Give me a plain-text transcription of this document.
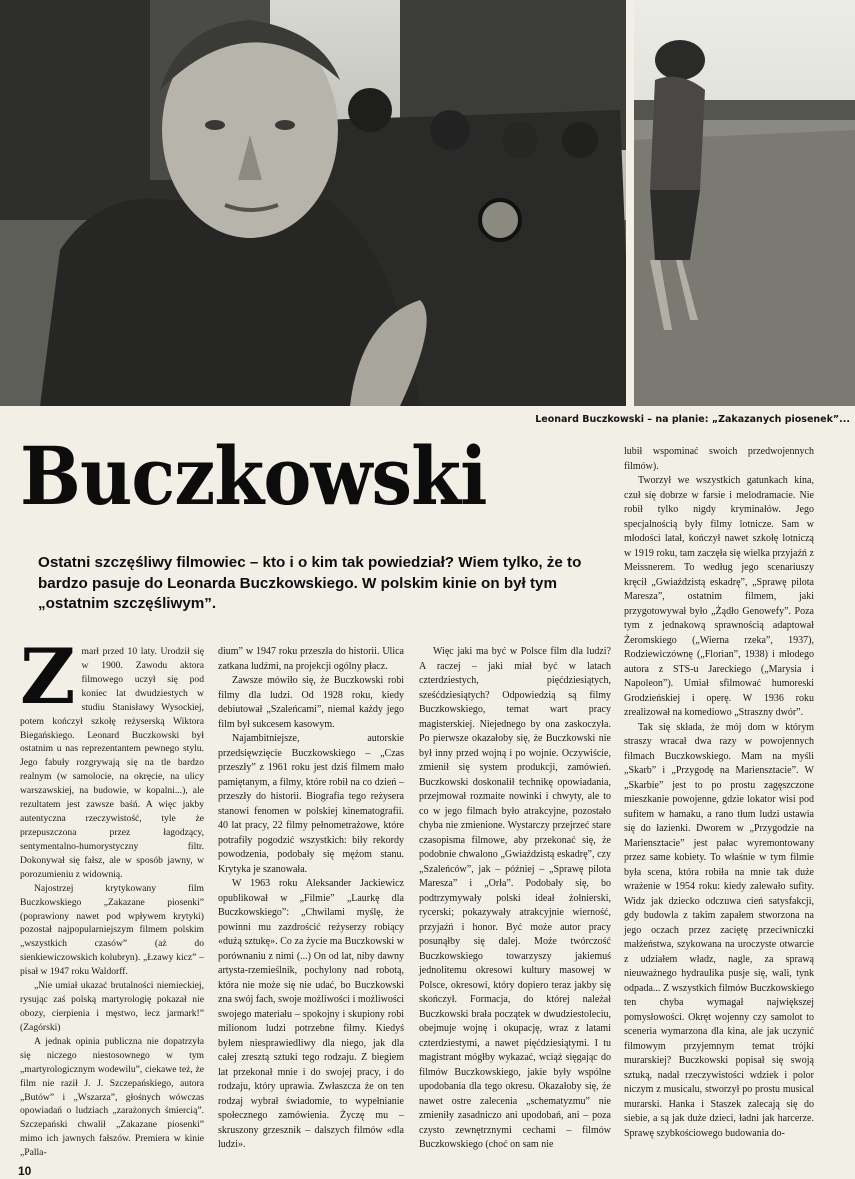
Leonard Buczkowski – na planie: „Zakazanych piosenek”...
Buczkowski

Ostatni szczęśliwy filmowiec – kto i o kim tak powiedział? Wiem tylko, że to bardzo pasuje do Leonarda Buczkowskiego. W polskim kinie on był tym „ostatnim szczęśliwym”.

Z marł przed 10 laty. Urodził się w 1900. Zawodu aktora filmowego uczył się pod koniec lat dwudziestych w studiu Stanisławy Wysockiej, potem kończył szkołę reżyserską Wiktora Biegańskiego. Leonard Buczkowski był ostatnim u nas reprezentantem pewnego stylu. Jego fabuły rozgrywają się na tle bardzo realnym (w samolocie, na okręcie, na ulicy warszawskiej, na budowie, w kopalni...), ale rezultatem jest zawsze baśń. A więc jakby autentyczna rzeczywistość, tyle że przepuszczona przez łagodzący, sentymentalno-humorystyczny filtr. Dokonywał się fałsz, ale w sposób jawny, w porozumieniu z widownią.

Najostrzej krytykowany film Buczkowskiego „Zakazane piosenki” (poprawiony nawet pod wpływem krytyki) pozostał najpopularniejszym filmem polskim „wszystkich czasów” (aż do sienkiewiczowskich kolubryn). „Łzawy kicz” – pisał w 1947 roku Waldorff.

„Nie umiał ukazać brutalności niemieckiej, rysując zaś polską martyrologię pokazał nie obozy, cierpienia i męstwo, lecz jarmark!” (Zagórski)

A jednak opinia publiczna nie dopatrzyła się niczego niestosownego w tym „martyrologicznym wodewilu”, ciekawe też, że film nie raził J. J. Szczepańskiego, autora „Butów” i „Wszarza”, głośnych wówczas opowiadań o ludziach „zarażonych śmiercią”. Szczepański chwalił „Zakazane piosenki” mimo ich jawnych fałszów. Premiera w kinie „Palla-

dium” w 1947 roku przeszła do historii. Ulica zatkana ludźmi, na projekcji ogólny płacz.

Zawsze mówiło się, że Buczkowski robi filmy dla ludzi. Od 1928 roku, kiedy debiutował „Szaleńcami”, niemal każdy jego film był sukcesem kasowym.

Najambitniejsze, autorskie przedsięwzięcie Buczkowskiego – „Czas przeszły” z 1961 roku jest dziś filmem mało pamiętanym, a filmy, które robił na co dzień – przeszły do historii. Biografia tego reżysera stanowi fenomen w polskiej kinematografii. 40 lat pracy, 22 filmy pełnometrażowe, które potrafiły pogodzić wszystkich: biły rekordy powodzenia, podobały się mężom stanu. Krytyka je szanowała.

W 1963 roku Aleksander Jackiewicz opublikował w „Filmie” „Laurkę dla Buczkowskiego”: „Chwilami myślę, że powinni mu zazdrościć reżyserzy robiący «dużą sztukę». Co za życie ma Buczkowski w porównaniu z nimi (...) On od lat, niby dawny artysta-rzemieślnik, pochylony nad robotą, która nie może się nie udać, bo Buczkowski zna swój fach, swoje możliwości i możliwości swojego materiału – spokojny i skupiony robi milionom ludzi potrzebne filmy. Kiedyś byłem niesprawiedliwy dla niego, jak dla całej zresztą sztuki tego rodzaju. Z biegiem lat przekonał mnie i do swojej pracy, i do rodzaju, który uprawia. Zwłaszcza że on ten rodzaj wybrał świadomie, to wypełnianie społecznego zamówienia. Życzę mu – skruszony grzesznik – dalszych filmów «dla ludzi».

Więc jaki ma być w Polsce film dla ludzi? A raczej – jaki miał być w latach czterdziestych, pięćdziesiątych, sześćdziesiątych? Odpowiedzią są filmy Buczkowskiego, temat wart pracy magisterskiej. Niejednego by ona zaskoczyła. Po pierwsze okazałoby się, że Buczkowski nie był inny przed wojną i po wojnie. Oczywiście, zmienił się system produkcji, zamówień. Buczkowski doskonalił technikę opowiadania, przejmował rozmaite nowinki i chwyty, ale to co w jego filmach było atrakcyjne, pozostało chyba nie zmienione. Wystarczy przejrzeć stare czasopisma filmowe, aby przekonać się, że podobnie chwalono „Gwiaździstą eskadrę”, czy „Szaleńców”, jak – później – „Sprawę pilota Maresza” i „Orła”. Podobały się, bo podtrzymywały polski ideał żołnierski, rycerski; pokazywały atrakcyjnie wierność, przyjaźń i honor. Być może autor pracy posunąłby się dalej. Może twórczość Buczkowskiego towarzyszy jakiemuś jednolitemu okresowi kultury masowej w Polsce, okresowi, który dopiero teraz jakby się skończył. Formacja, do której należał Buczkowski brała początek w dwudziestoleciu, obejmuje wojnę i okupację, wraz z latami czterdziestymi, a nawet pięćdziesiątymi. I tu magistrant mógłby wykazać, wciąż sięgając do filmów Buczkowskiego, jakie były wspólne upodobania dla tego okresu. Okazałoby się, że nawet ostre zalecenia „schematyzmu” nie zmieniły zasadniczo ani upodobań, ani – poza czysto zewnętrznymi cechami – filmów Buczkowskiego (choć on sam nie

lubił wspominać swoich przedwojennych filmów).

Tworzył we wszystkich gatunkach kina, czuł się dobrze w farsie i melodramacie. Nie robił tylko nigdy kryminałów. Jego specjalnością były filmy lotnicze. Sam w młodości latał, kończył nawet szkołę lotniczą w 1919 roku, tam zaczęła się wielka przyjaźń z Meissnerem. To według jego scenariuszy kręcił „Gwiaździstą eskadrę”, „Sprawę pilota Maresza”, ostatnim filmem, jaki przygotowywał było „Żądło Genowefy”. Poza tym z jednakową sprawnością adaptował Żeromskiego („Wierna rzeka”, 1937), Rodziewiczównę („Florian”, 1938) i młodego autora z STS-u Jareckiego („Marysia i Napoleon”). Umiał sfilmować humoreski Grodzieńskiej i operę. W 1936 roku zrealizował na komediowo „Straszny dwór”.

Tak się składa, że mój dom w którym straszy wracał dwa razy w powojennych filmach Buczkowskiego. Mam na myśli „Skarb” i „Przygodę na Mariensztacie”. W „Skarbie” jest to po prostu zagęszczone mieszkanie powojenne, gdzie lokator wisi pod sufitem w hamaku, a rano tłum ludzi ustawia się do łazienki. Dworem w „Przygodzie na Mariensztacie” jest pałac wyremontowany przez same kobiety. To właśnie w tym filmie była scena, która robiła na mnie tak duże wrażenie w 1954 roku: kiedy zalewało sufity. Widz jak dziecko odczuwa cień satysfakcji, gdy budowla z takim zapałem stworzona na jego oczach przez zaciętę przeciwniczki małżeństwa, szykowana na uroczyste otwarcie z udziałem władz, nagle, za sprawą nieuważnego hydraulika pusje się, wali, tynk odpada... Z wszystkich filmów Buczkowskiego ten chyba wymagał największej pomysłowości. Okręt wojenny czy samolot to sceneria wymarzona dla kina, ale jak uczynić filmowym przyjemnym temat trójki murarskiej? Buczkowski popisał się swoją sztuką, nadał rzeczywistości wdziek i polor niczym z musicalu, stworzył po prostu musical murarski. Hanka i Staszek zalecają się do siebie, a są jak duże dzieci, ładni jak harcerze. Sprawę szybkościowego budowania do-

10
